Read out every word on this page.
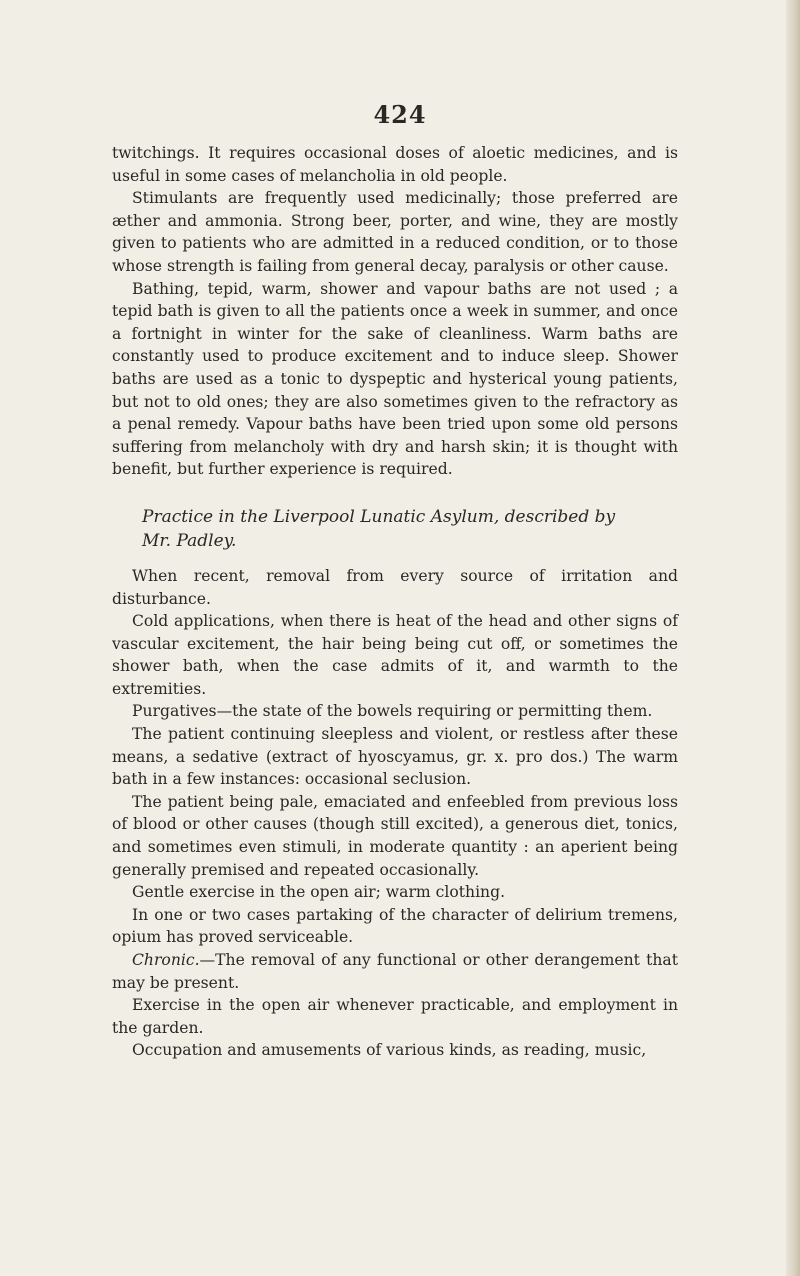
424

twitchings. It requires occasional doses of aloetic medicines, and is useful in some cases of melancholia in old people.

Stimulants are frequently used medicinally; those preferred are æther and ammonia. Strong beer, porter, and wine, they are mostly given to patients who are admitted in a reduced condition, or to those whose strength is failing from general decay, paralysis or other cause.

Bathing, tepid, warm, shower and vapour baths are not used ; a tepid bath is given to all the patients once a week in summer, and once a fortnight in winter for the sake of cleanliness. Warm baths are constantly used to produce excitement and to induce sleep. Shower baths are used as a tonic to dyspeptic and hysterical young patients, but not to old ones; they are also sometimes given to the refractory as a penal remedy. Vapour baths have been tried upon some old persons suffering from melancholy with dry and harsh skin; it is thought with benefit, but further experience is required.

Practice in the Liverpool Lunatic Asylum, described by
Mr. Padley.

When recent, removal from every source of irritation and disturbance.

Cold applications, when there is heat of the head and other signs of vascular excitement, the hair being being cut off, or sometimes the shower bath, when the case admits of it, and warmth to the extremities.

Purgatives—the state of the bowels requiring or permitting them.

The patient continuing sleepless and violent, or restless after these means, a sedative (extract of hyoscyamus, gr. x. pro dos.) The warm bath in a few instances: occasional seclusion.

The patient being pale, emaciated and enfeebled from previous loss of blood or other causes (though still excited), a generous diet, tonics, and sometimes even stimuli, in moderate quantity : an aperient being generally premised and repeated occasionally.

Gentle exercise in the open air; warm clothing.

In one or two cases partaking of the character of delirium tremens, opium has proved serviceable.

Chronic.—The removal of any functional or other derangement that may be present.

Exercise in the open air whenever practicable, and employment in the garden.

Occupation and amusements of various kinds, as reading, music,
